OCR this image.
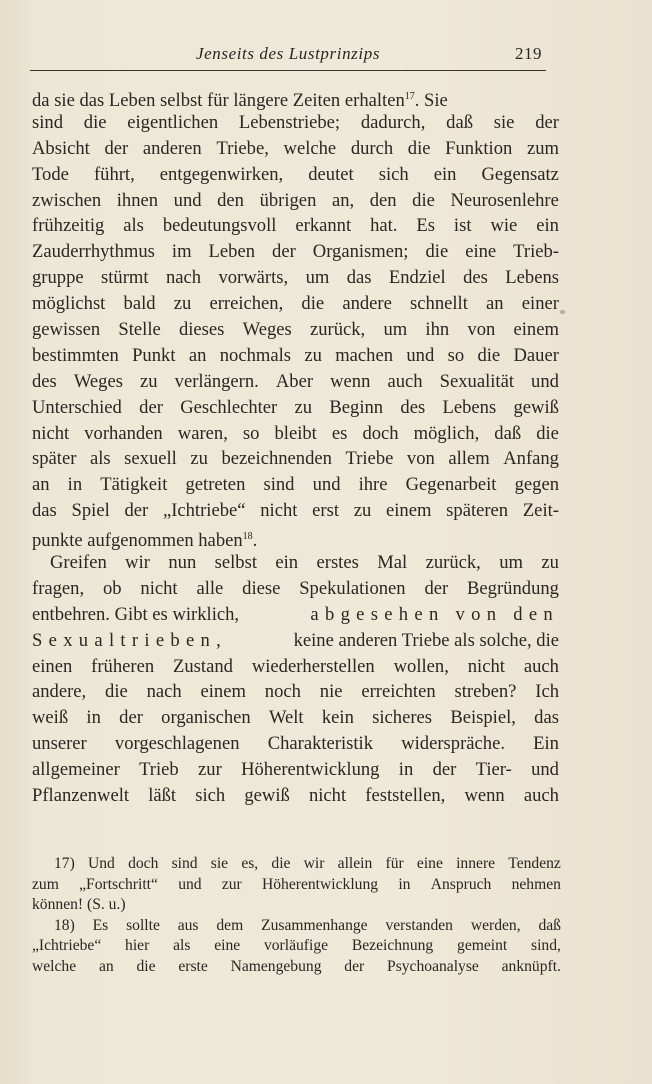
Jenseits des Lustprinzips	219
da sie das Leben selbst für längere Zeiten erhalten$^{17}$. Sie
sind die eigentlichen Lebenstriebe; dadurch, daß sie der
Absicht der anderen Triebe, welche durch die Funktion zum
Tode führt, entgegenwirken, deutet sich ein Gegensatz
zwischen ihnen und den übrigen an, den die Neurosenlehre
frühzeitig als bedeutungsvoll erkannt hat. Es ist wie ein
Zauderrhythmus im Leben der Organismen; die eine Trieb-
gruppe stürmt nach vorwärts, um das Endziel des Lebens
möglichst bald zu erreichen, die andere schnellt an einer
gewissen Stelle dieses Weges zurück, um ihn von einem
bestimmten Punkt an nochmals zu machen und so die Dauer
des Weges zu verlängern. Aber wenn auch Sexualität und
Unterschied der Geschlechter zu Beginn des Lebens gewiß
nicht vorhanden waren, so bleibt es doch möglich, daß die
später als sexuell zu bezeichnenden Triebe von allem Anfang
an in Tätigkeit getreten sind und ihre Gegenarbeit gegen
das Spiel der „Ichtriebe“ nicht erst zu einem späteren Zeit-
punkte aufgenommen haben$^{18}$.
Greifen wir nun selbst ein erstes Mal zurück, um zu
fragen, ob nicht alle diese Spekulationen der Begründung
entbehren. Gibt es wirklich,	abgesehen von den
Sexualtrieben,	keine anderen Triebe als solche, die
einen früheren Zustand wiederherstellen wollen, nicht auch
andere, die nach einem noch nie erreichten streben? Ich
weiß in der organischen Welt kein sicheres Beispiel, das
unserer vorgeschlagenen Charakteristik widerspräche. Ein
allgemeiner Trieb zur Höherentwicklung in der Tier- und
Pflanzenwelt läßt sich gewiß nicht feststellen, wenn auch
17) Und doch sind sie es, die wir allein für eine innere Tendenz
zum „Fortschritt“ und zur Höherentwicklung in Anspruch nehmen
können! (S. u.)
18) Es sollte aus dem Zusammenhange verstanden werden, daß
„Ichtriebe“ hier als eine vorläufige Bezeichnung gemeint sind,
welche an die erste Namengebung der Psychoanalyse anknüpft.
